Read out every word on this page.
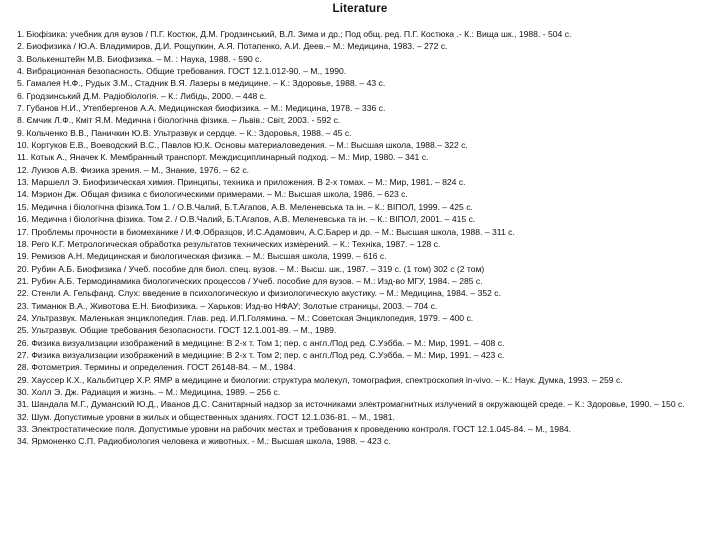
Literature
1. Біофізика: учебник для вузов / П.Г. Костюк, Д.М. Гродзинський, В.Л. Зима и др.; Под общ. ред. П.Г. Костюка .- К.: Вища шк., 1988. - 504 с.
2. Биофизика / Ю.А. Владимиров, Д.И. Рощупкин, А.Я. Потапенко, А.И. Деев.– М.: Медицина, 1983. – 272 с.
3. Волькенштейн М.В. Биофизика. – М. : Наука, 1988. - 590 с.
4. Вибрационная безопасность. Общие требования. ГОСТ 12.1.012-90. – М., 1990.
5. Гамалея Н.Ф., Рудых З.М., Стадник В.Я. Лазеры в медицине. – К.: Здоровье, 1988. – 43 с.
6. Гродзинський Д.М. Радіобіологія. – К.: Либідь, 2000. – 448 с.
7. Губанов Н.И., Утепбергенов А.А. Медицинская биофизика. – М.: Медицина, 1978. – 336 с.
8. Ємчик Л.Ф., Кміт Я.М. Медична і біологічна фізика. – Львів.: Світ, 2003. - 592 с.
9. Кольченко В.В., Паничкин Ю.В. Ультразвук и сердце. – К.: Здоровья, 1988. – 45 с.
10. Кортуков Е.В., Воеводский В.С., Павлов Ю.К. Основы материаловедения. – М.: Высшая школа, 1988.– 322 с.
11. Котык А., Яначек К. Мембранный транспорт. Междисциплинарный подход. – М.: Мир, 1980. – 341 с.
12. Луизов А.В. Физика зрения. – М., Знание, 1976. – 62 с.
13. Маршелл Э. Биофизическая химия. Принципы, техника и приложения. В 2-х томах. – М.: Мир, 1981. – 824 с.
14. Мэрион Дж. Общая физика с биологическими примерами. – М.: Высшая школа, 1986. – 623 с.
15. Медична і біологічна фізика.Том 1. / О.В.Чалий, Б.Т.Агапов, А.В. Меленевська та ін. – К.: ВІПОЛ, 1999. – 425 с.
16. Медична і біологічна фізика. Том 2. / О.В.Чалий, Б.Т.Агапов, А.В. Меленевська та ін. – К.: ВІПОЛ, 2001. – 415 с.
17. Проблемы прочности в биомеханике / И.Ф.Образцов, И.С.Адамович, А.С.Барер и др. – М.: Высшая школа, 1988. – 311 с.
18. Рего К.Г. Метрологическая обработка результатов технических измерений. – К.: Техніка, 1987. – 128 с.
19. Ремизов А.Н. Медицинская и биологическая физика. – М.: Высшая школа, 1999. – 616 с.
20. Рубин А.Б. Биофизика / Учеб. пособие для биол. спец. вузов. – М.: Высш. шк., 1987. – 319 с. (1 том) 302 с (2 том)
21. Рубин А.Б. Термодинамика биологических процессов / Учеб. пособие для вузов. – М.: Изд-во МГУ, 1984. – 285 с.
22. Стенли А. Гельфанд. Слух: введение в психологическую и физиологическую акустику. – М.: Медицина, 1984. – 352 с.
23. Тиманюк В.А., Животова Е.Н. Биофизика. – Харьков: Изд-во НФАУ; Золотые страницы, 2003. – 704 с.
24. Ультразвук. Маленькая энциклопедия. Глав. ред. И.П.Голямина. – М.: Советская Энциклопедия, 1979. – 400 с.
25. Ультразвук. Общие требования безопасности. ГОСТ 12.1.001-89. – М., 1989.
26. Физика визуализации изображений в медицине: В 2-х т. Том 1; пер. с англ./Под ред. С.Уэбба. – М.: Мир, 1991. – 408 с.
27. Физика визуализации изображений в медицине: В 2-х т. Том 2; пер. с англ./Под ред. С.Уэбба. – М.: Мир, 1991. – 423 с.
28. Фотометрия. Термины и определения. ГОСТ 26148-84. – М., 1984.
29. Хауссер К.Х., Кальбитцер Х.Р. ЯМР в медицине и биологии: структура молекул, томография, спектроскопия in-vivo. – К.: Наук. Думка, 1993. – 259 с.
30. Холл Э. Дж. Радиация и жизнь. – М.: Медицина, 1989. – 256 с.
31. Шандала М.Г., Думанский Ю.Д., Иванов Д.С. Санитарный надзор за источниками электромагнитных излучений в окружающей среде. – К.: Здоровье, 1990. – 150 с.
32. Шум. Допустимые уровни в жилых и общественных зданиях. ГОСТ 12.1.036-81. – М., 1981.
33. Электростатические поля. Допустимые уровни на рабочих местах и требования к проведению контроля. ГОСТ 12.1.045-84. – М., 1984.
34. Ярмоненко С.П. Радиобиология человека и животных. - М.: Высшая школа, 1988. – 423 с.
